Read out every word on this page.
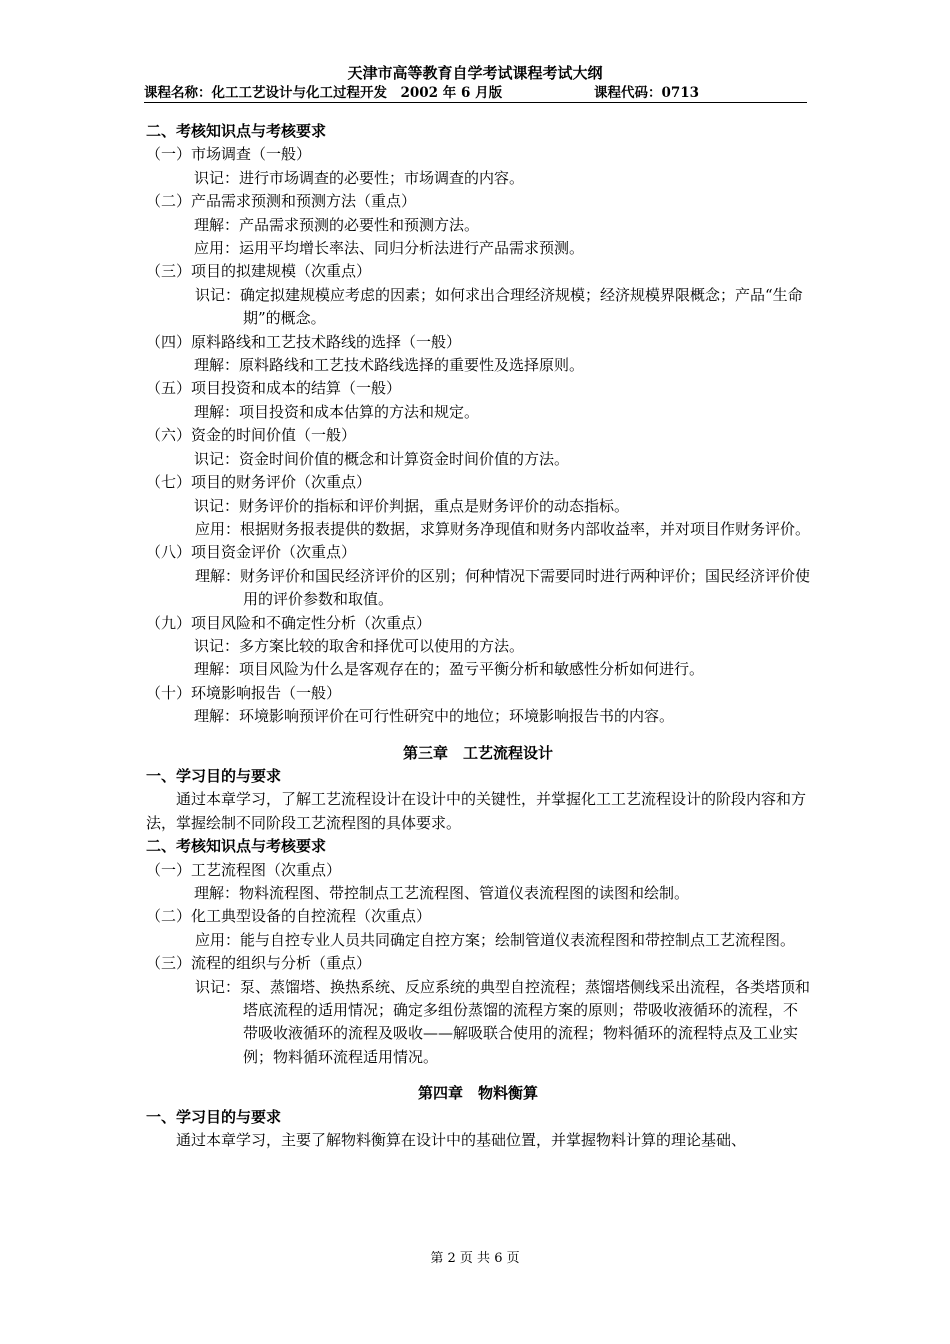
天津市高等教育自学考试课程考试大纲
课程名称：化工工艺设计与化工过程开发　2002 年 6 月版	课程代码：0713

二、考核知识点与考核要求

（一）市场调查（一般）

识记：进行市场调查的必要性；市场调查的内容。

（二）产品需求预测和预测方法（重点）

理解：产品需求预测的必要性和预测方法。

应用：运用平均增长率法、同归分析法进行产品需求预测。

（三）项目的拟建规模（次重点）

识记：确定拟建规模应考虑的因素；如何求出合理经济规模；经济规模界限概念；产品“生命期”的概念。

（四）原料路线和工艺技术路线的选择（一般）

理解：原料路线和工艺技术路线选择的重要性及选择原则。

（五）项目投资和成本的结算（一般）

理解：项目投资和成本估算的方法和规定。

（六）资金的时间价值（一般）

识记：资金时间价值的概念和计算资金时间价值的方法。

（七）项目的财务评价（次重点）

识记：财务评价的指标和评价判据，重点是财务评价的动态指标。

应用：根据财务报表提供的数据，求算财务净现值和财务内部收益率，并对项目作财务评价。

（八）项目资金评价（次重点）

理解：财务评价和国民经济评价的区别；何种情况下需要同时进行两种评价；国民经济评价使用的评价参数和取值。

（九）项目风险和不确定性分析（次重点）

识记：多方案比较的取舍和择优可以使用的方法。

理解：项目风险为什么是客观存在的；盈亏平衡分析和敏感性分析如何进行。

（十）环境影响报告（一般）

理解：环境影响预评价在可行性研究中的地位；环境影响报告书的内容。

第三章　工艺流程设计

一、学习目的与要求

通过本章学习，了解工艺流程设计在设计中的关键性，并掌握化工工艺流程设计的阶段内容和方法，掌握绘制不同阶段工艺流程图的具体要求。

二、考核知识点与考核要求

（一）工艺流程图（次重点）

理解：物料流程图、带控制点工艺流程图、管道仪表流程图的读图和绘制。

（二）化工典型设备的自控流程（次重点）

应用：能与自控专业人员共同确定自控方案；绘制管道仪表流程图和带控制点工艺流程图。

（三）流程的组织与分析（重点）

识记：泵、蒸馏塔、换热系统、反应系统的典型自控流程；蒸馏塔侧线采出流程，各类塔顶和塔底流程的适用情况；确定多组份蒸馏的流程方案的原则；带吸收液循环的流程，不带吸收液循环的流程及吸收——解吸联合使用的流程；物料循环的流程特点及工业实例；物料循环流程适用情况。

第四章　物料衡算

一、学习目的与要求

通过本章学习，主要了解物料衡算在设计中的基础位置，并掌握物料计算的理论基础、

第 2 页 共 6 页
